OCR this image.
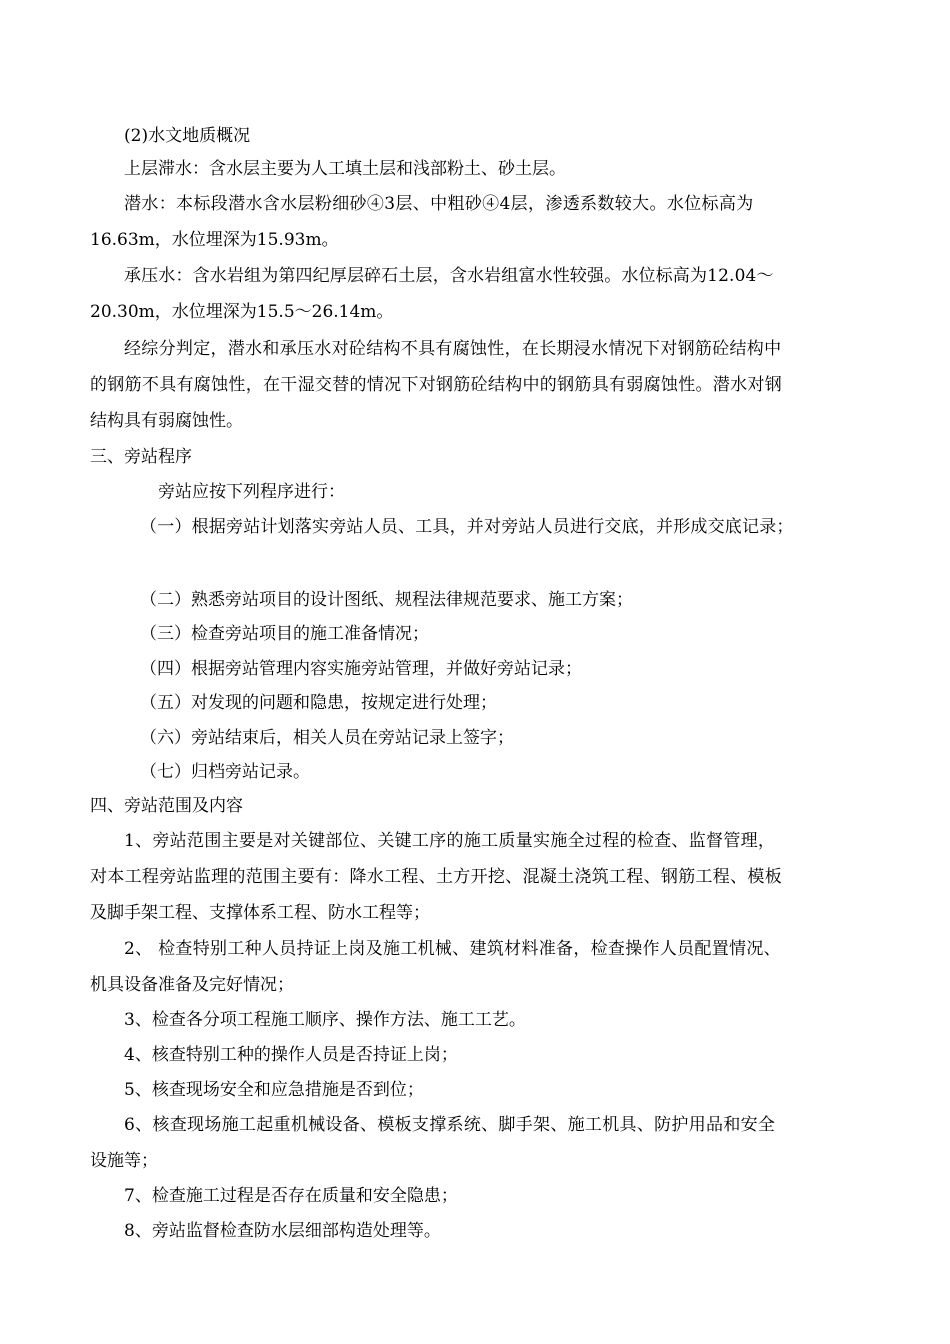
(2)水文地质概况
上层滞水：含水层主要为人工填土层和浅部粉土、砂土层。
潜水：本标段潜水含水层粉细砂④3层、中粗砂④4层，渗透系数较大。水位标高为
16.63m，水位埋深为15.93m。
承压水：含水岩组为第四纪厚层碎石土层，含水岩组富水性较强。水位标高为12.04～
20.30m，水位埋深为15.5～26.14m。
经综分判定，潜水和承压水对砼结构不具有腐蚀性，在长期浸水情况下对钢筋砼结构中
的钢筋不具有腐蚀性，在干湿交替的情况下对钢筋砼结构中的钢筋具有弱腐蚀性。潜水对钢
结构具有弱腐蚀性。
三、旁站程序
旁站应按下列程序进行：
（一）根据旁站计划落实旁站人员、工具，并对旁站人员进行交底，并形成交底记录；
（二）熟悉旁站项目的设计图纸、规程法律规范要求、施工方案；
（三）检查旁站项目的施工准备情况；
（四）根据旁站管理内容实施旁站管理，并做好旁站记录；
（五）对发现的问题和隐患，按规定进行处理；
（六）旁站结束后，相关人员在旁站记录上签字；
（七）归档旁站记录。
四、旁站范围及内容
1、旁站范围主要是对关键部位、关键工序的施工质量实施全过程的检查、监督管理，
对本工程旁站监理的范围主要有：降水工程、土方开挖、混凝土浇筑工程、钢筋工程、模板
及脚手架工程、支撑体系工程、防水工程等；
2、 检查特别工种人员持证上岗及施工机械、建筑材料准备，检查操作人员配置情况、
机具设备准备及完好情况；
3、检查各分项工程施工顺序、操作方法、施工工艺。
4、核查特别工种的操作人员是否持证上岗；
5、核查现场安全和应急措施是否到位；
6、核查现场施工起重机械设备、模板支撑系统、脚手架、施工机具、防护用品和安全
设施等；
7、检查施工过程是否存在质量和安全隐患；
8、旁站监督检查防水层细部构造处理等。
